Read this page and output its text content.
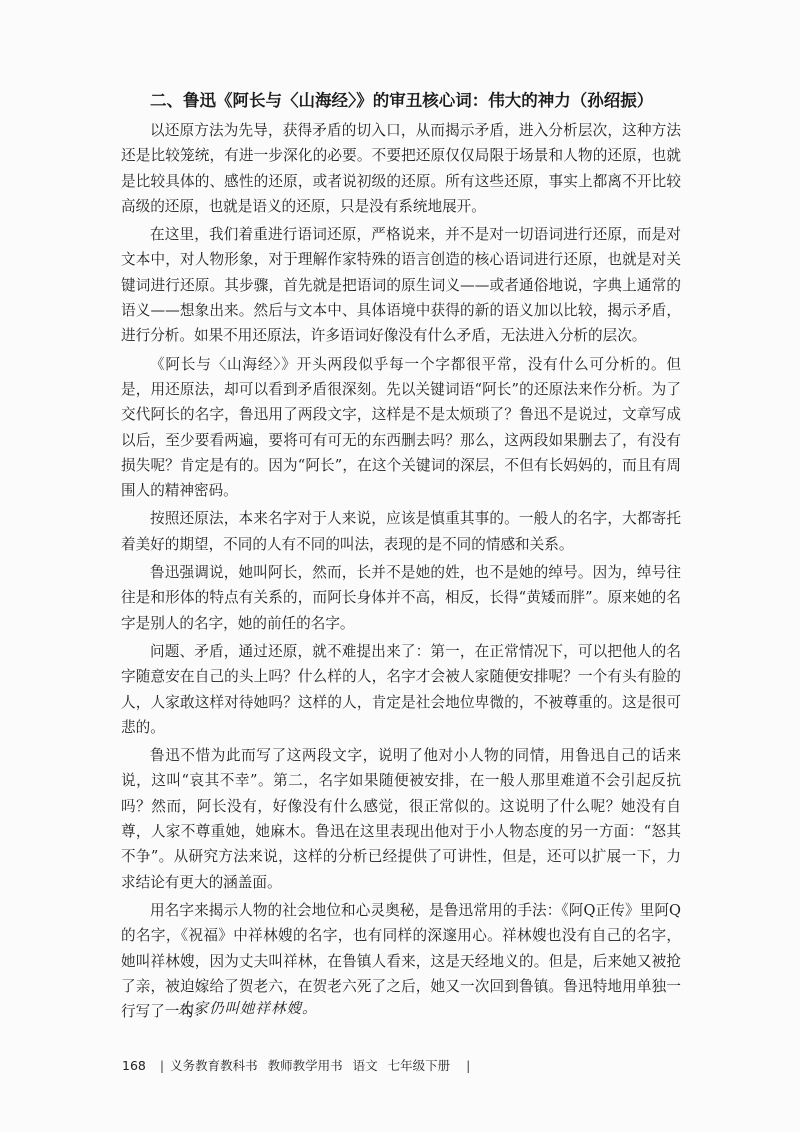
二、鲁迅《阿长与〈山海经〉》的审丑核心词：伟大的神力（孙绍振）

以还原方法为先导，获得矛盾的切入口，从而揭示矛盾，进入分析层次，这种方法还是比较笼统，有进一步深化的必要。不要把还原仅仅局限于场景和人物的还原，也就是比较具体的、感性的还原，或者说初级的还原。所有这些还原，事实上都离不开比较高级的还原，也就是语义的还原，只是没有系统地展开。

在这里，我们着重进行语词还原，严格说来，并不是对一切语词进行还原，而是对文本中，对人物形象，对于理解作家特殊的语言创造的核心语词进行还原，也就是对关键词进行还原。其步骤，首先就是把语词的原生词义——或者通俗地说，字典上通常的语义——想象出来。然后与文本中、具体语境中获得的新的语义加以比较，揭示矛盾，进行分析。如果不用还原法，许多语词好像没有什么矛盾，无法进入分析的层次。

《阿长与〈山海经〉》开头两段似乎每一个字都很平常，没有什么可分析的。但是，用还原法，却可以看到矛盾很深刻。先以关键词语“阿长”的还原法来作分析。为了交代阿长的名字，鲁迅用了两段文字，这样是不是太烦琐了？鲁迅不是说过，文章写成以后，至少要看两遍，要将可有可无的东西删去吗？那么，这两段如果删去了，有没有损失呢？肯定是有的。因为“阿长”，在这个关键词的深层，不但有长妈妈的，而且有周围人的精神密码。

按照还原法，本来名字对于人来说，应该是慎重其事的。一般人的名字，大都寄托着美好的期望，不同的人有不同的叫法，表现的是不同的情感和关系。

鲁迅强调说，她叫阿长，然而，长并不是她的姓，也不是她的绰号。因为，绰号往往是和形体的特点有关系的，而阿长身体并不高，相反，长得“黄矮而胖”。原来她的名字是别人的名字，她的前任的名字。

问题、矛盾，通过还原，就不难提出来了：第一，在正常情况下，可以把他人的名字随意安在自己的头上吗？什么样的人，名字才会被人家随便安排呢？一个有头有脸的人，人家敢这样对待她吗？这样的人，肯定是社会地位卑微的，不被尊重的。这是很可悲的。

鲁迅不惜为此而写了这两段文字，说明了他对小人物的同情，用鲁迅自己的话来说，这叫“哀其不幸”。第二，名字如果随便被安排，在一般人那里难道不会引起反抗吗？然而，阿长没有，好像没有什么感觉，很正常似的。这说明了什么呢？她没有自尊，人家不尊重她，她麻木。鲁迅在这里表现出他对于小人物态度的另一方面：“怒其不争”。从研究方法来说，这样的分析已经提供了可讲性，但是，还可以扩展一下，力求结论有更大的涵盖面。

用名字来揭示人物的社会地位和心灵奥秘，是鲁迅常用的手法：《阿Q正传》里阿Q的名字，《祝福》中祥林嫂的名字，也有同样的深邃用心。祥林嫂也没有自己的名字，她叫祥林嫂，因为丈夫叫祥林，在鲁镇人看来，这是天经地义的。但是，后来她又被抢了亲，被迫嫁给了贺老六，在贺老六死了之后，她又一次回到鲁镇。鲁迅特地用单独一行写了一句：

大家仍叫她祥林嫂。
168 | 义务教育教科书 教师教学用书 语文 七年级下册 |
